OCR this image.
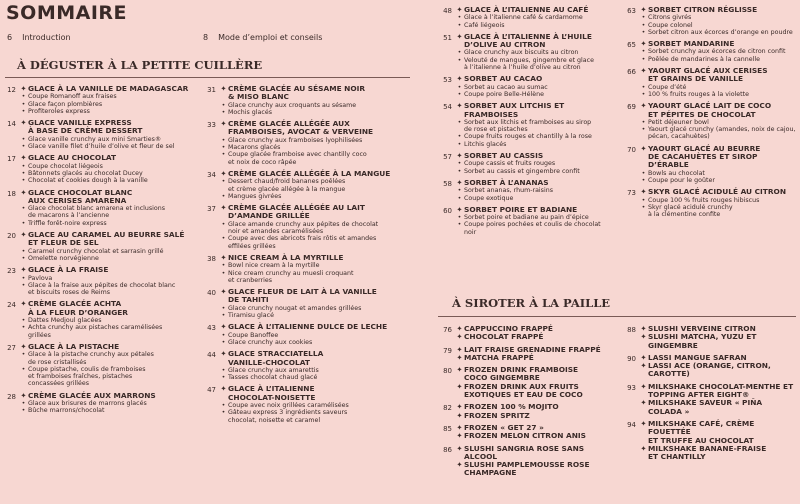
SOMMAIRE
6 Introduction	8 Mode d’emploi et conseils
À DÉGUSTER À LA PETITE CUILLÈRE
À SIROTER À LA PAILLE
12 ✦ GLACE À LA VANILLE DE MADAGASCAR
• Coupe Romanoff aux fraises
• Glace façon plombières
• Profiteroles express
14 ✦ GLACE VANILLE EXPRESS
À BASE DE CRÈME DESSERT
• Glace vanille crunchy aux mini Smarties®
• Glace vanille filet d’huile d’olive et fleur de sel
17 ✦ GLACE AU CHOCOLAT
• Coupe chocolat liégeois
• Bâtonnets glacés au chocolat Ducey
• Chocolat et cookies dough à la vanille
18 ✦ GLACE CHOCOLAT BLANC
AUX CERISES AMARENA
• Glace chocolat blanc amarena et inclusions
de macarons à l’ancienne
• Triffle forêt-noire express
20 ✦ GLACE AU CARAMEL AU BEURRE SALÉ
ET FLEUR DE SEL
• Caramel crunchy chocolat et sarrasin grillé
• Omelette norvégienne
23 ✦ GLACE À LA FRAISE
• Pavlova
• Glace à la fraise aux pépites de chocolat blanc
et biscuits roses de Reims
24 ✦ CRÈME GLACÉE ACHTA
À LA FLEUR D’ORANGER
• Dattes Medjoul glacées
• Achta crunchy aux pistaches caramélisées
grillées
27 ✦ GLACE À LA PISTACHE
• Glace à la pistache crunchy aux pétales
de rose cristallisés
• Coupe pistache, coulis de framboises
et framboises fraîches, pistaches
concassées grillées
28 ✦ CRÈME GLACÉE AUX MARRONS
• Glace aux brisures de marrons glacés
• Bûche marrons/chocolat
31 ✦ CRÈME GLACÉE AU SÉSAME NOIR
& MISO BLANC
• Glace crunchy aux croquants au sésame
• Mochis glacés
33 ✦ CRÈME GLACÉE ALLÉGÉE AUX
FRAMBOISES, AVOCAT & VERVEINE
• Glace crunchy aux framboises lyophilisées
• Macarons glacés
• Coupe glacée framboise avec chantilly coco
et noix de coco râpée
34 ✦ CRÈME GLACÉE ALLÉGÉE À LA MANGUE
• Dessert chaud/froid bananes poêlées
et crème glacée allégée à la mangue
• Mangues givrées
37 ✦ CRÈME GLACÉE ALLÉGÉE AU LAIT
D’AMANDE GRILLÉE
• Glace amande crunchy aux pépites de chocolat
noir et amandes caramélisées
• Coupe avec des abricots frais rôtis et amandes
effilées grillées
38 ✦ NICE CREAM À LA MYRTILLE
• Bowl nice cream à la myrtille
• Nice cream crunchy au muesli croquant
et cranberries
40 ✦ GLACE FLEUR DE LAIT À LA VANILLE
DE TAHITI
• Glace crunchy nougat et amandes grillées
• Tiramisu glacé
43 ✦ GLACE À L’ITALIENNE DULCE DE LECHE
• Coupe Banoffee
• Glace crunchy aux cookies
44 ✦ GLACE STRACCIATELLA
VANILLE-CHOCOLAT
• Glace crunchy aux amarettis
• Tasses chocolat chaud glacé
47 ✦ GLACE À L’ITALIENNE
CHOCOLAT-NOISETTE
• Coupe avec noix grillées caramélisées
• Gâteau express 3 ingrédients saveurs
chocolat, noisette et caramel
48 ✦ GLACE À L’ITALIENNE AU CAFÉ
• Glace à l’italienne café & cardamome
• Café liégeois
51 ✦ GLACE À L’ITALIENNE À L’HUILE
D’OLIVE AU CITRON
• Glace crunchy aux biscuits au citron
• Velouté de mangues, gingembre et glace
à l’italienne à l’huile d’olive au citron
53 ✦ SORBET AU CACAO
• Sorbet au cacao au sumac
• Coupe poire Belle-Hélène
54 ✦ SORBET AUX LITCHIS ET FRAMBOISES
• Sorbet aux litchis et framboises au sirop
de rose et pistaches
• Coupe fruits rouges et chantilly à la rose
• Litchis glacés
57 ✦ SORBET AU CASSIS
• Coupe cassis et fruits rouges
• Sorbet au cassis et gingembre confit
58 ✦ SORBET À L’ANANAS
• Sorbet ananas, rhum-raisins
• Coupe exotique
60 ✦ SORBET POIRE ET BADIANE
• Sorbet poire et badiane au pain d’épice
• Coupe poires pochées et coulis de chocolat noir
63 ✦ SORBET CITRON RÉGLISSE
• Citrons givrés
• Coupe colonel
• Sorbet citron aux écorces d’orange en poudre
65 ✦ SORBET MANDARINE
• Sorbet crunchy aux écorces de citron confit
• Poêlée de mandarines à la cannelle
66 ✦ YAOURT GLACÉ AUX CERISES
ET GRAINS DE VANILLE
• Coupe d’été
• 100 % fruits rouges à la violette
69 ✦ YAOURT GLACÉ LAIT DE COCO
ET PÉPITES DE CHOCOLAT
• Petit déjeuner bowl
• Yaourt glacé crunchy (amandes, noix de cajou,
pécan, cacahuètes)
70 ✦ YAOURT GLACÉ AU BEURRE
DE CACAHUÈTES ET SIROP D’ÉRABLE
• Bowls au chocolat
• Coupe pour le goûter
73 ✦ SKYR GLACÉ ACIDULÉ AU CITRON
• Coupe 100 % fruits rouges hibiscus
• Skyr glacé acidulé crunchy
à la clémentine confite
76 ✦ CAPPUCCINO FRAPPÉ
✦ CHOCOLAT FRAPPÉ
79 ✦ LAIT FRAISE GRENADINE FRAPPÉ
✦ MATCHA FRAPPÉ
80 ✦ FROZEN DRINK FRAMBOISE
COCO GINGEMBRE
✦ FROZEN DRINK AUX FRUITS
EXOTIQUES ET EAU DE COCO
82 ✦ FROZEN 100 % MOJITO
✦ FROZEN SPRITZ
85 ✦ FROZEN « GET 27 »
✦ FROZEN MELON CITRON ANIS
86 ✦ SLUSHI SANGRIA ROSE SANS ALCOOL
✦ SLUSHI PAMPLEMOUSSE ROSE
CHAMPAGNE
88 ✦ SLUSHI VERVEINE CITRON
✦ SLUSHI MATCHA, YUZU ET GINGEMBRE
90 ✦ LASSI MANGUE SAFRAN
✦ LASSI ACE (ORANGE, CITRON,
CAROTTE)
93 ✦ MILKSHAKE CHOCOLAT-MENTHE ET
TOPPING AFTER EIGHT®
✦ MILKSHAKE SAVEUR « PIÑA COLADA »
94 ✦ MILKSHAKE CAFÉ, CRÈME FOUETTÉE
ET TRUFFE AU CHOCOLAT
✦ MILKSHAKE BANANE-FRAISE
ET CHANTILLY
